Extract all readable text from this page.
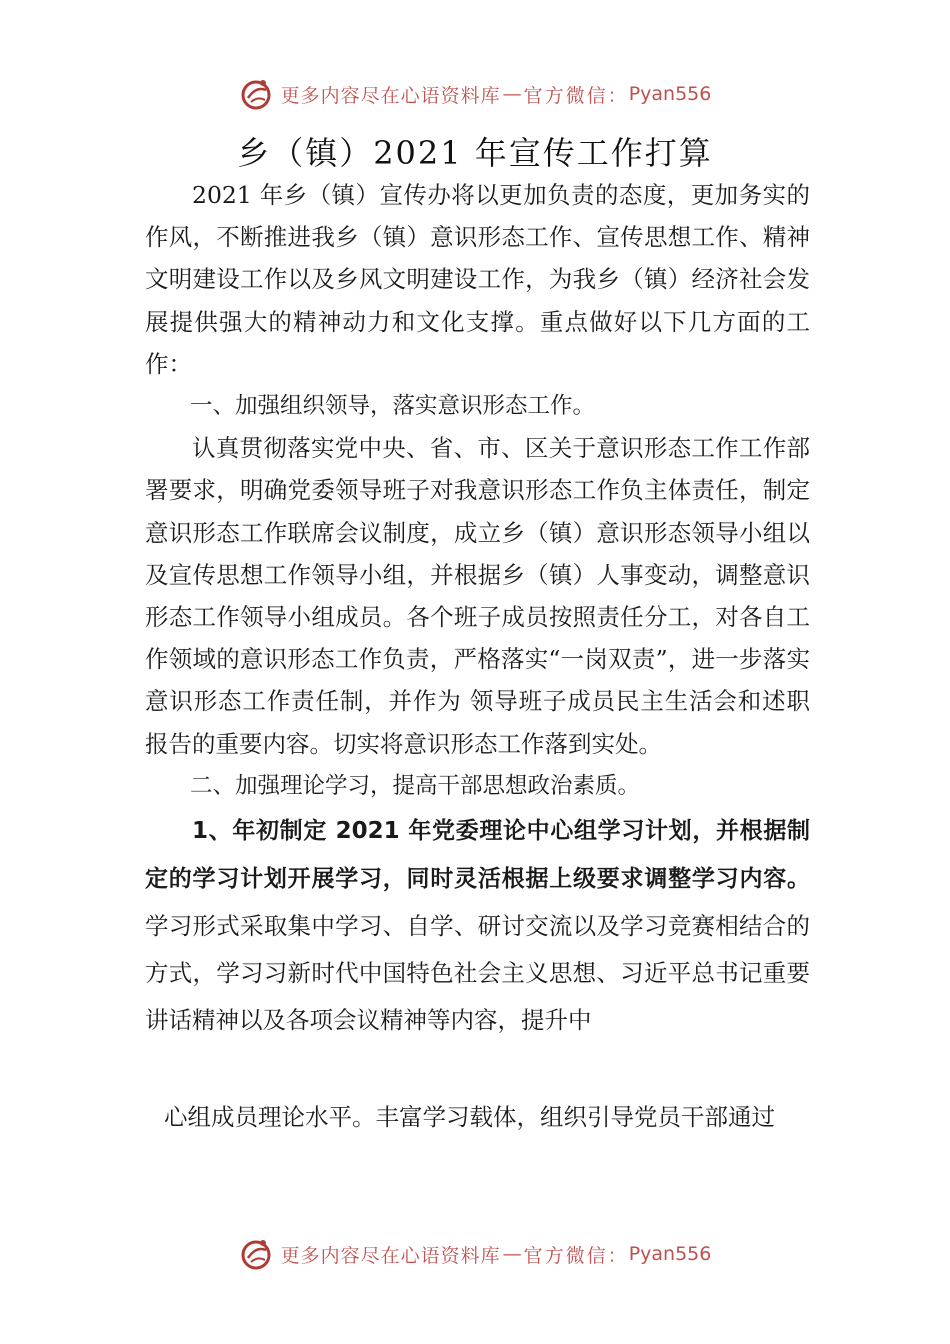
更多内容尽在心语资料库 — 官方微信： Pyan556
乡（镇）2021 年宣传工作打算

2021 年乡（镇）宣传办将以更加负责的态度，更加务实的作风，不断推进我乡（镇）意识形态工作、宣传思想工作、精神文明建设工作以及乡风文明建设工作，为我乡（镇）经济社会发展提供强大的精神动力和文化支撑。重点做好以下几方面的工作：

一、加强组织领导，落实意识形态工作。

认真贯彻落实党中央、省、市、区关于意识形态工作工作部署要求，明确党委领导班子对我意识形态工作负主体责任，制定意识形态工作联席会议制度，成立乡（镇）意识形态领导小组以及宣传思想工作领导小组，并根据乡（镇）人事变动，调整意识形态工作领导小组成员。各个班子成员按照责任分工，对各自工作领域的意识形态工作负责，严格落实“一岗双责”，进一步落实意识形态工作责任制，并作为 领导班子成员民主生活会和述职报告的重要内容。切实将意识形态工作落到实处。

二、加强理论学习，提高干部思想政治素质。

1、年初制定 2021 年党委理论中心组学习计划，并根据制定的学习计划开展学习，同时灵活根据上级要求调整学习内容。学习形式采取集中学习、自学、研讨交流以及学习竞赛相结合的方式，学习习新时代中国特色社会主义思想、习近平总书记重要讲话精神以及各项会议精神等内容，提升中

心组成员理论水平。丰富学习载体，组织引导党员干部通过
更多内容尽在心语资料库 — 官方微信： Pyan556
